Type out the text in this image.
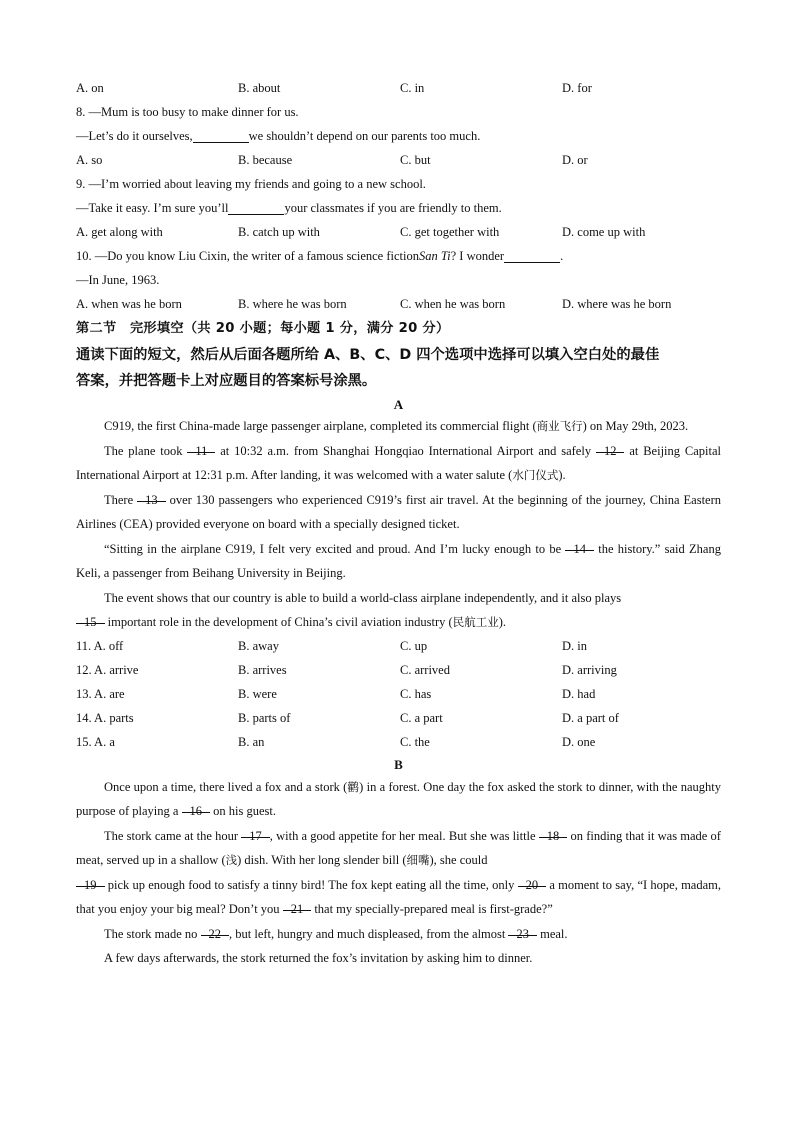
A. on	B. about	C. in	D. for
8. —Mum is too busy to make dinner for us.
—Let’s do it ourselves,	we shouldn’t depend on our parents too much.
A. so	B. because	C. but	D. or
9. —I’m worried about leaving my friends and going to a new school.
—Take it easy. I’m sure you’ll	your classmates if you are friendly to them.
A. get along with	B. catch up with	C. get together with	D. come up with
10. —Do you know Liu Cixin, the writer of a famous science fiction San Ti ? I wonder	.
—In June, 1963.
A. when was he born	B. where he was born	C. when he was born	D. where was he born
第二节　完形填空（共 20 小题；每小题 1 分，满分 20 分）
通读下面的短文，然后从后面各题所给 A、B、C、D 四个选项中选择可以填入空白处的最佳
答案，并把答题卡上对应题目的答案标号涂黑。
A
C919, the first China-made large passenger airplane, completed its commercial flight (商业飞行) on May 29th, 2023.
The plane took 11 at 10:32 a.m. from Shanghai Hongqiao International Airport and safely 12 at Beijing Capital International Airport at 12:31 p.m. After landing, it was welcomed with a water salute (水门仪式).
There 13 over 130 passengers who experienced C919’s first air travel. At the beginning of the journey, China Eastern Airlines (CEA) provided everyone on board with a specially designed ticket.
“Sitting in the airplane C919, I felt very excited and proud. And I’m lucky enough to be 14 the history.” said Zhang Keli, a passenger from Beihang University in Beijing.
The event shows that our country is able to build a world-class airplane independently, and it also plays
15 important role in the development of China’s civil aviation industry (民航工业).
11. A. off	B. away	C. up	D. in
12. A. arrive	B. arrives	C. arrived	D. arriving
13. A. are	B. were	C. has	D. had
14. A. parts	B. parts of	C. a part	D. a part of
15. A. a	B. an	C. the	D. one
B
Once upon a time, there lived a fox and a stork (鹳) in a forest. One day the fox asked the stork to dinner, with the naughty purpose of playing a 16 on his guest.
The stork came at the hour 17 , with a good appetite for her meal. But she was little 18 on finding that it was made of meat, served up in a shallow (浅) dish. With her long slender bill (细嘴), she could
19 pick up enough food to satisfy a tinny bird! The fox kept eating all the time, only 20 a moment to say, “I hope, madam, that you enjoy your big meal? Don’t you 21 that my specially-prepared meal is first-grade?”
The stork made no 22 , but left, hungry and much displeased, from the almost 23 meal.
A few days afterwards, the stork returned the fox’s invitation by asking him to dinner.
